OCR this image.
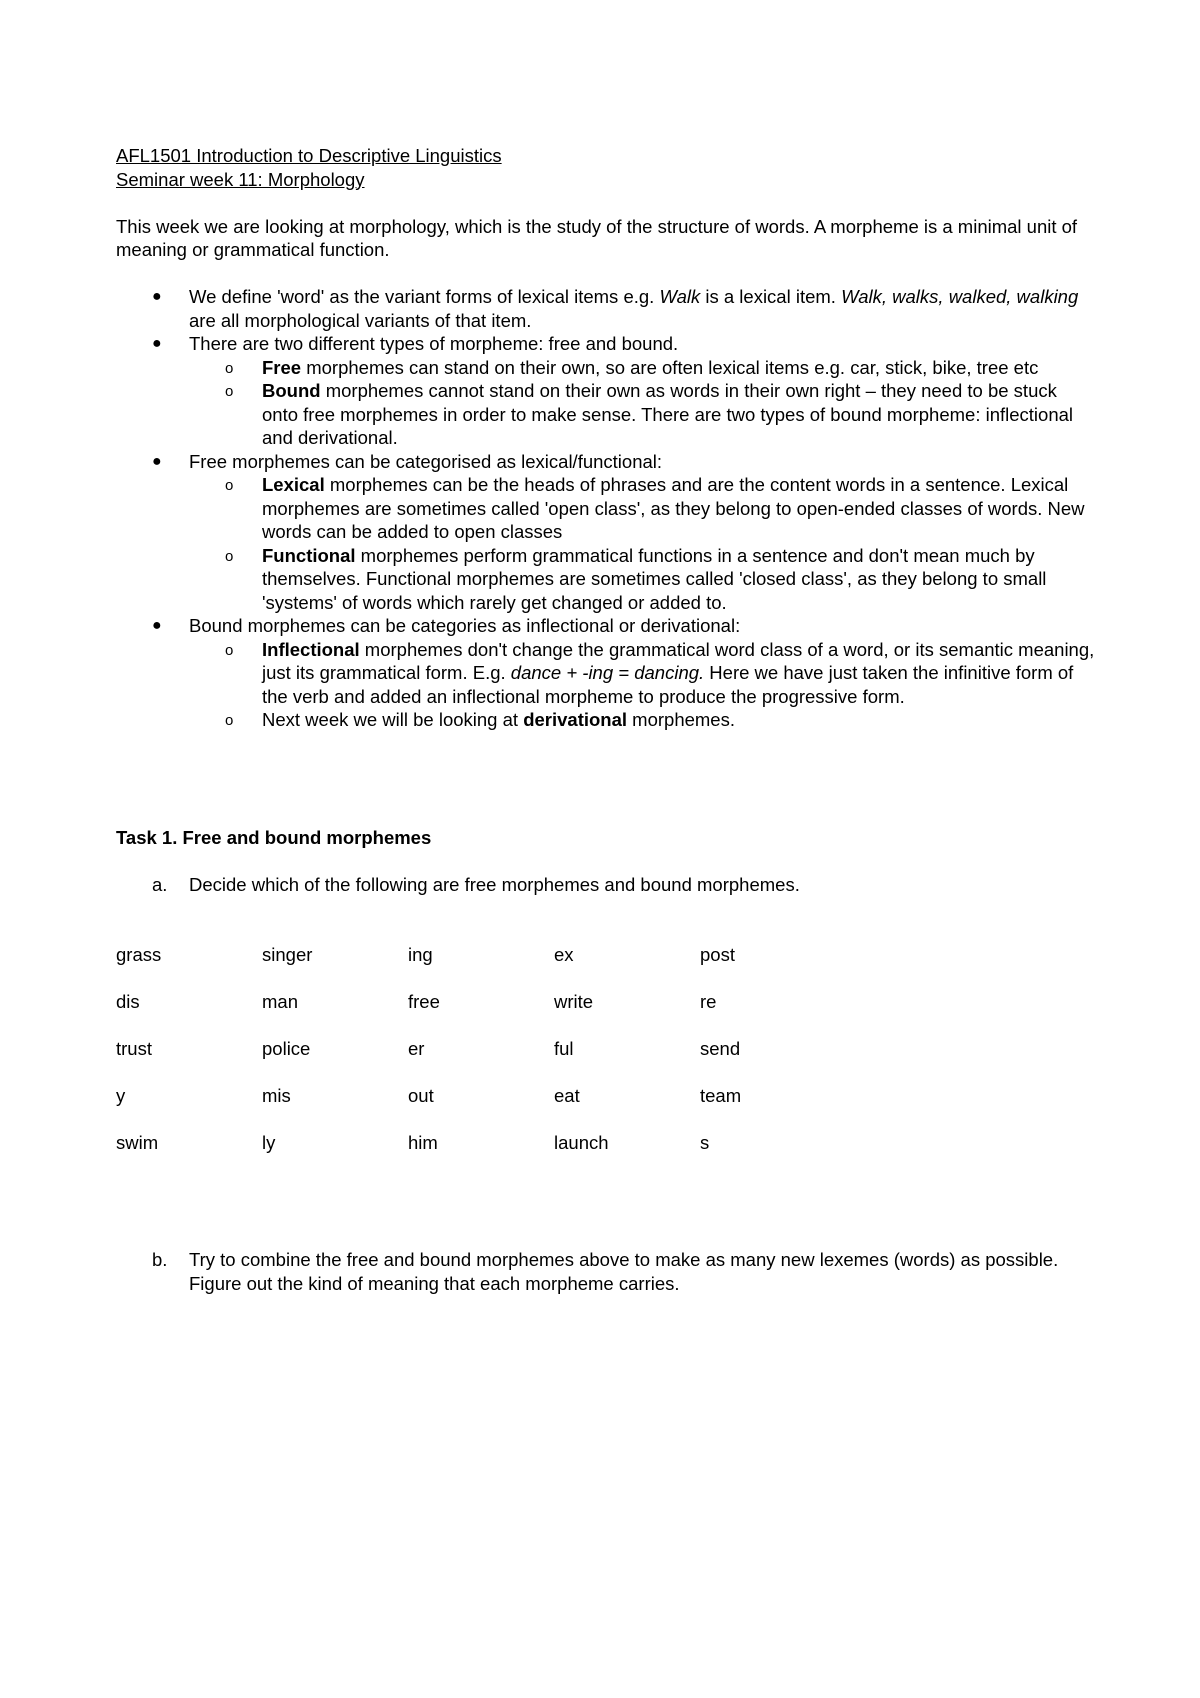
AFL1501 Introduction to Descriptive Linguistics
Seminar week 11: Morphology
This week we are looking at morphology, which is the study of the structure of words. A morpheme is a minimal unit of meaning or grammatical function.
● We define 'word' as the variant forms of lexical items e.g. Walk is a lexical item. Walk, walks, walked, walking are all morphological variants of that item.
● There are two different types of morpheme: free and bound.
o Free morphemes can stand on their own, so are often lexical items e.g. car, stick, bike, tree etc
o Bound morphemes cannot stand on their own as words in their own right – they need to be stuck onto free morphemes in order to make sense. There are two types of bound morpheme: inflectional and derivational.
● Free morphemes can be categorised as lexical/functional:
o Lexical morphemes can be the heads of phrases and are the content words in a sentence. Lexical morphemes are sometimes called 'open class', as they belong to open-ended classes of words. New words can be added to open classes
o Functional morphemes perform grammatical functions in a sentence and don't mean much by themselves. Functional morphemes are sometimes called 'closed class', as they belong to small 'systems' of words which rarely get changed or added to.
● Bound morphemes can be categories as inflectional or derivational:
o Inflectional morphemes don't change the grammatical word class of a word, or its semantic meaning, just its grammatical form. E.g. dance + -ing = dancing. Here we have just taken the infinitive form of the verb and added an inflectional morpheme to produce the progressive form.
o Next week we will be looking at derivational morphemes.
Task 1. Free and bound morphemes
a. Decide which of the following are free morphemes and bound morphemes.
grass	singer	ing	ex	post
dis	man	free	write	re
trust	police	er	ful	send
y	mis	out	eat	team
swim	ly	him	launch	s
b. Try to combine the free and bound morphemes above to make as many new lexemes (words) as possible. Figure out the kind of meaning that each morpheme carries.
